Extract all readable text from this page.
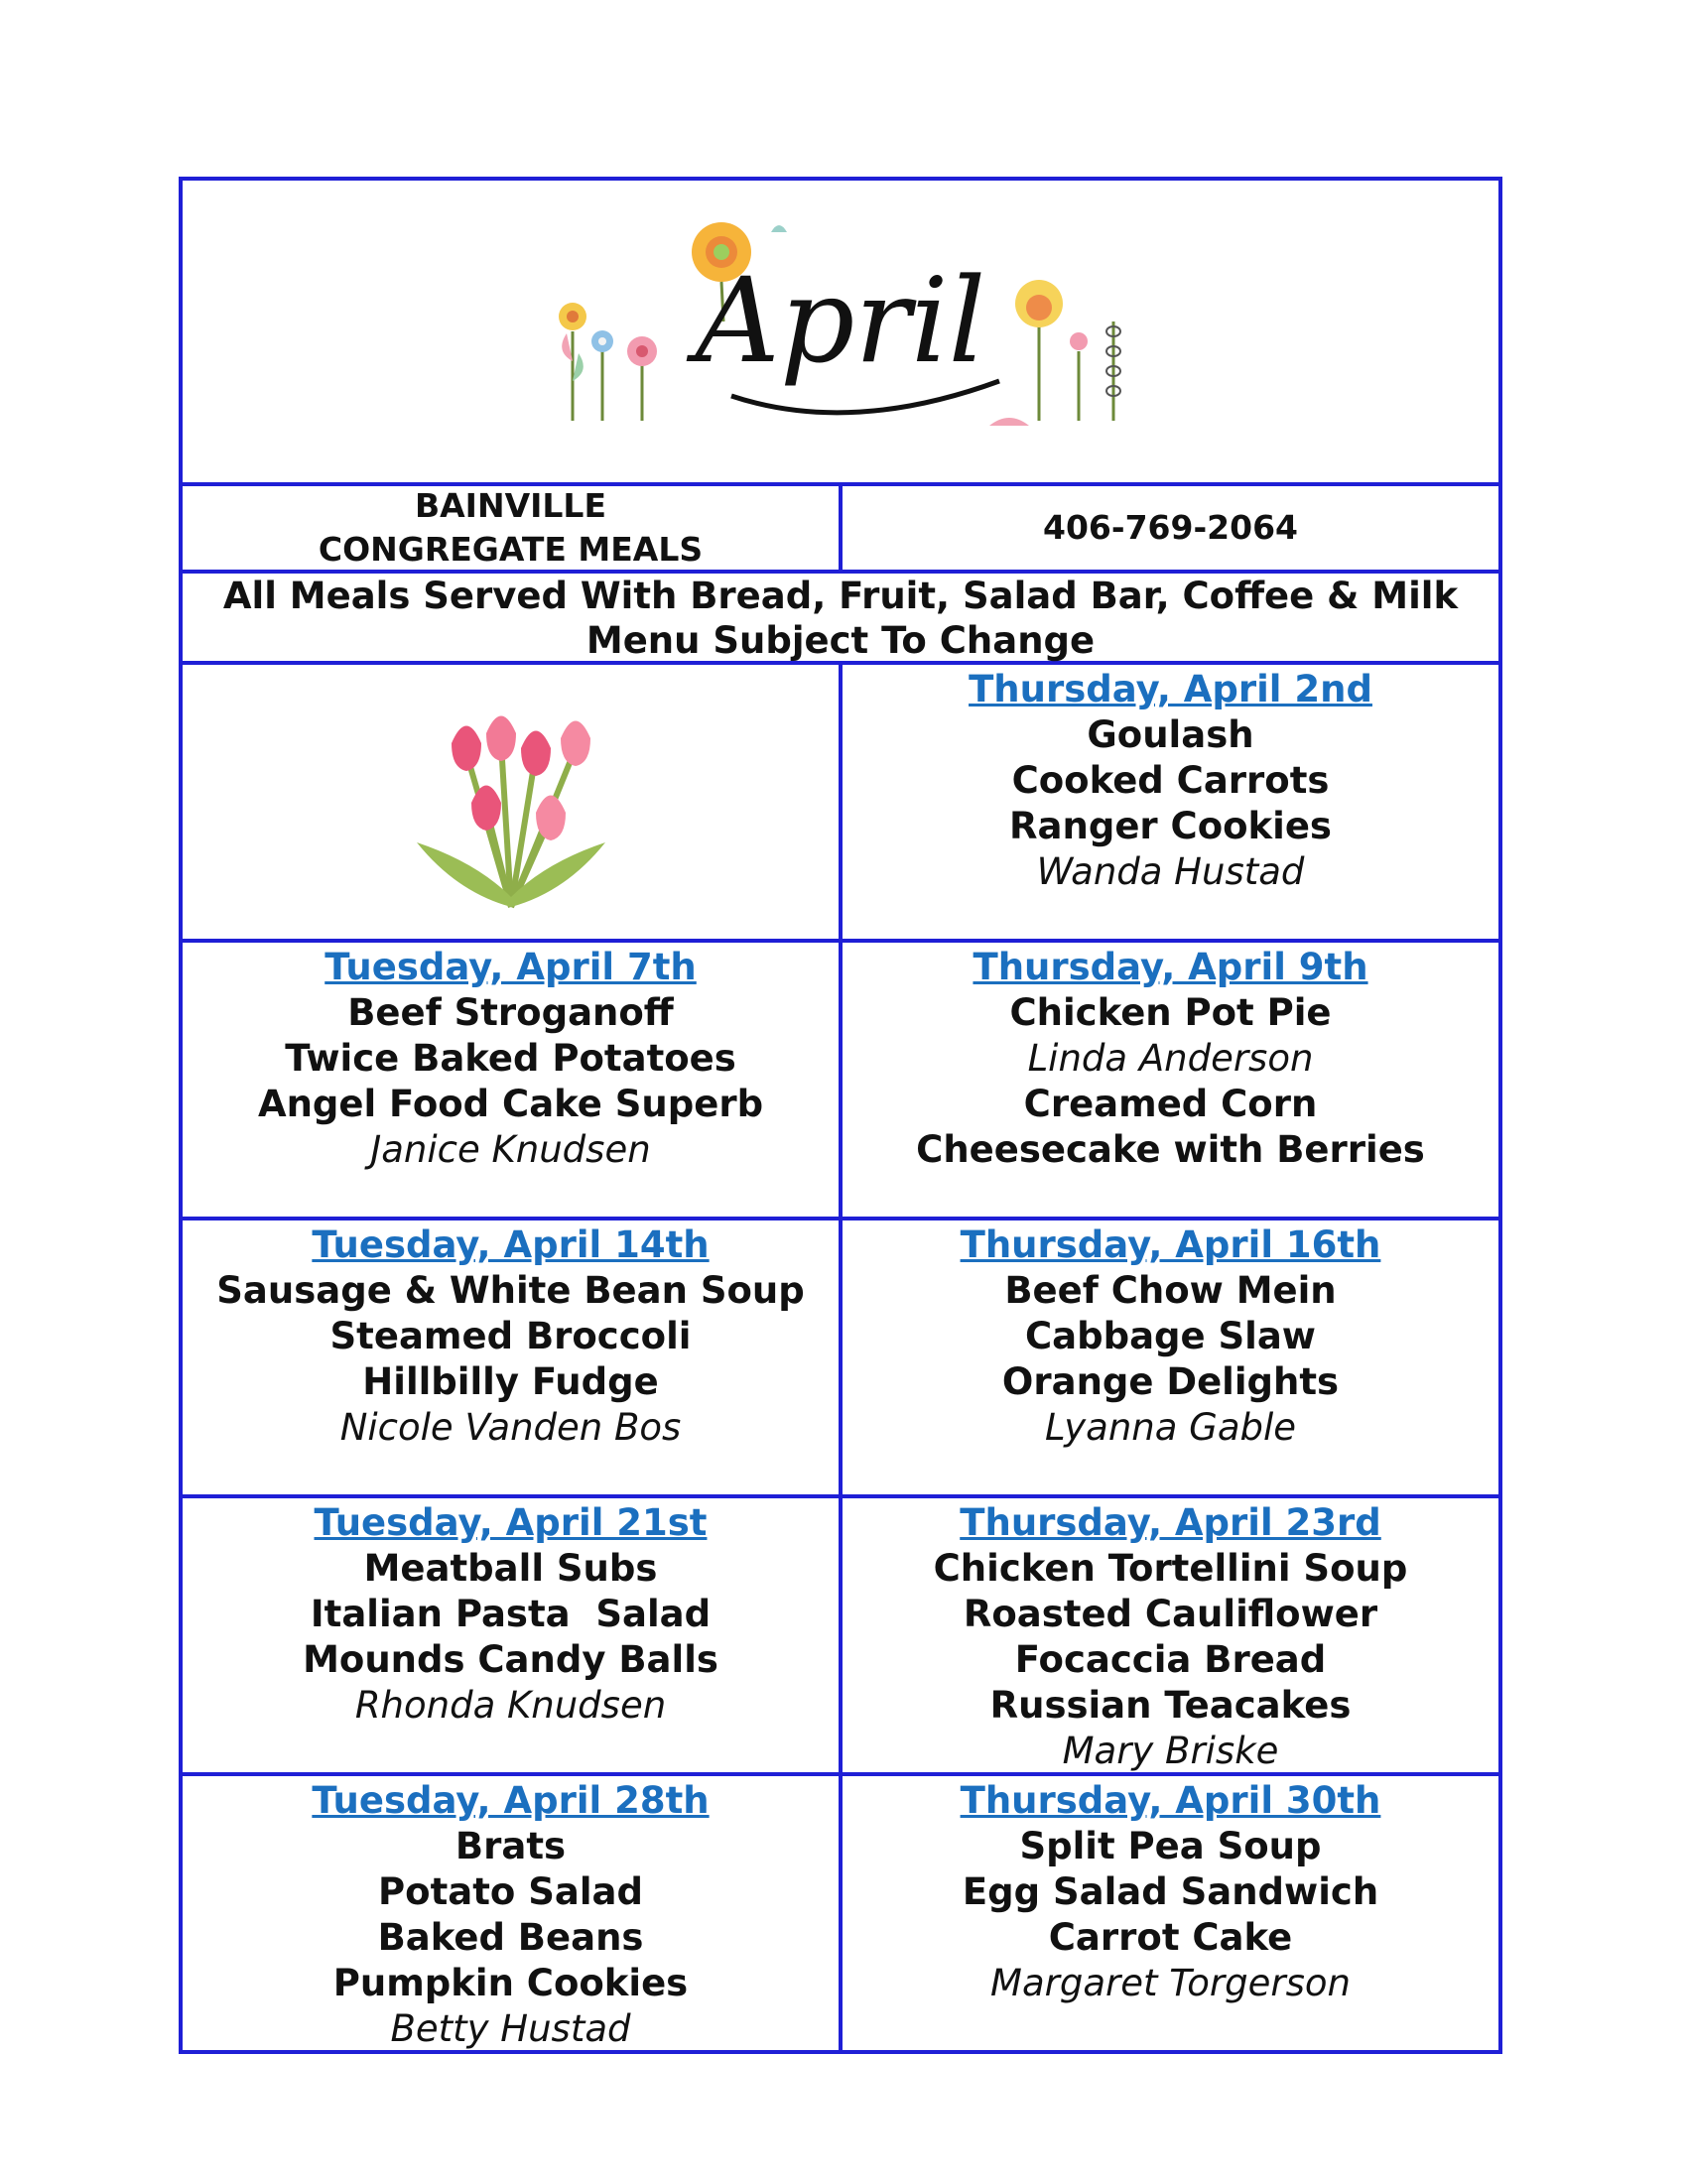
April
BAINVILLE
CONGREGATE MEALS
406-769-2064
All Meals Served With Bread, Fruit, Salad Bar, Coffee & Milk
Menu Subject To Change
Thursday, April 2nd
Goulash
Cooked Carrots
Ranger Cookies
Wanda Hustad
Tuesday, April 7th
Beef Stroganoff
Twice Baked Potatoes
Angel Food Cake Superb
Janice Knudsen
Thursday, April 9th
Chicken Pot Pie
Linda Anderson
Creamed Corn
Cheesecake with Berries
Tuesday, April 14th
Sausage & White Bean Soup
Steamed Broccoli
Hillbilly Fudge
Nicole Vanden Bos
Thursday, April 16th
Beef Chow Mein
Cabbage Slaw
Orange Delights
Lyanna Gable
Tuesday, April 21st
Meatball Subs
Italian Pasta  Salad
Mounds Candy Balls
Rhonda Knudsen
Thursday, April 23rd
Chicken Tortellini Soup
Roasted Cauliflower
Focaccia Bread
Russian Teacakes
Mary Briske
Tuesday, April 28th
Brats
Potato Salad
Baked Beans
Pumpkin Cookies
Betty Hustad
Thursday, April 30th
Split Pea Soup
Egg Salad Sandwich
Carrot Cake
Margaret Torgerson
